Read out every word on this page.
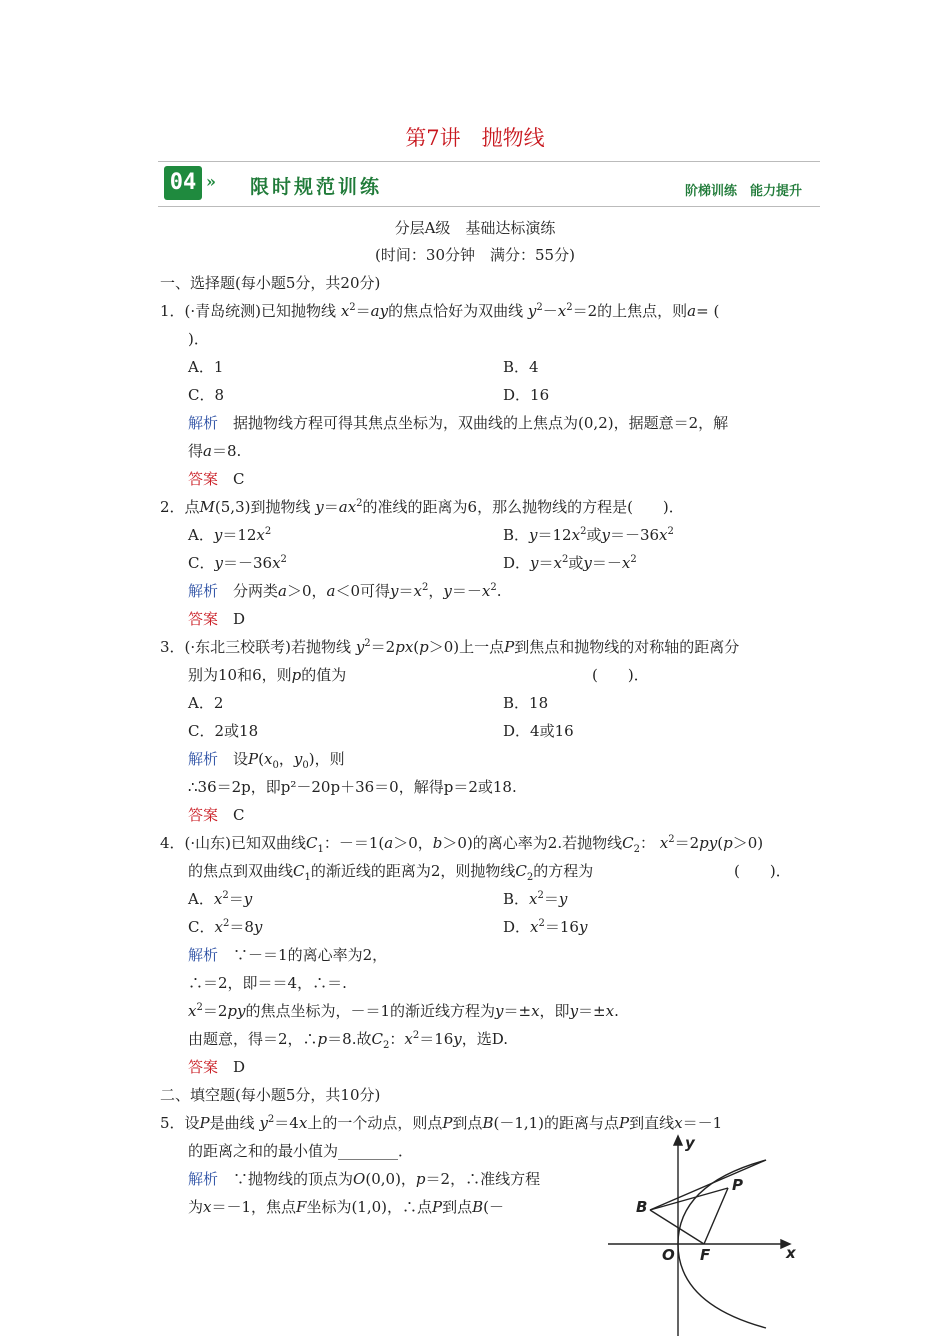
第7讲　抛物线
04 » 限时规范训练	阶梯训练　能力提升
分层A级　基础达标演练
(时间：30分钟　满分：55分)
一、选择题(每小题5分，共20分)
1．(·青岛统测)已知抛物线 $x^2=ay$的焦点恰好为双曲线 $y^2-x^2=2$的上焦点，则a= (
)．
A．1	B．4
C．8	D．16
解析　 据抛物线方程可得其焦点坐标为，双曲线的上焦点为(0,2)，据题意＝2，解
得a＝8.
答案　 C
2．点M(5,3)到抛物线 $y=ax^2$的准线的距离为6，那么抛物线的方程是(　　)．
A．$y=12x^2$	B．$y=12x^2$或$y=-36x^2$
C．$y=-36x^2$	D．$y=x^2$或$y=-x^2$
解析　 分两类a＞0，a＜0可得$y=x^2$，$y=-x^2$.
答案　 D
3．(·东北三校联考)若抛物线 $y^2=2px(p>0)$上一点P到焦点和抛物线的对称轴的距离分
别为10和6，则p的值为	(　　)．
A．2	B．18
C．2或18	D．4或16
解析　 设$P(x_0$，$y_0$)，则
∴36＝2p，即p²－20p＋36＝0，解得p＝2或18.
答案　 C
4．(·山东)已知双曲线$C_1$：－＝1(a＞0，b＞0)的离心率为2.若抛物线$C_2$： $x^2=2py(p>0)$
的焦点到双曲线$C_1$的渐近线的距离为2，则抛物线$C_2$的方程为	(　　)．
A．$x^2=y$	B．$x^2=y$
C．$x^2=8y$	D．$x^2=16y$
解析　 ∵－＝1的离心率为2，
∴＝2，即＝＝4，∴＝.
$x^2=2py$的焦点坐标为，－＝1的渐近线方程为y＝±x，即y＝±x.
由题意，得＝2，∴p＝8.故$C_2$：$x^2=16y$，选D.
答案　 D
二、填空题(每小题5分，共10分)
5．设P是曲线 $y^2=4x$上的一个动点，则点P到点B(－1,1)的距离与点P到直线x＝－1
的距离之和的最小值为________．
解析　 ∵抛物线的顶点为O(0,0)，p＝2，∴准线方程
为x＝－1，焦点F坐标为(1,0)，∴点P到点B(－
y
x
B
P
O F
